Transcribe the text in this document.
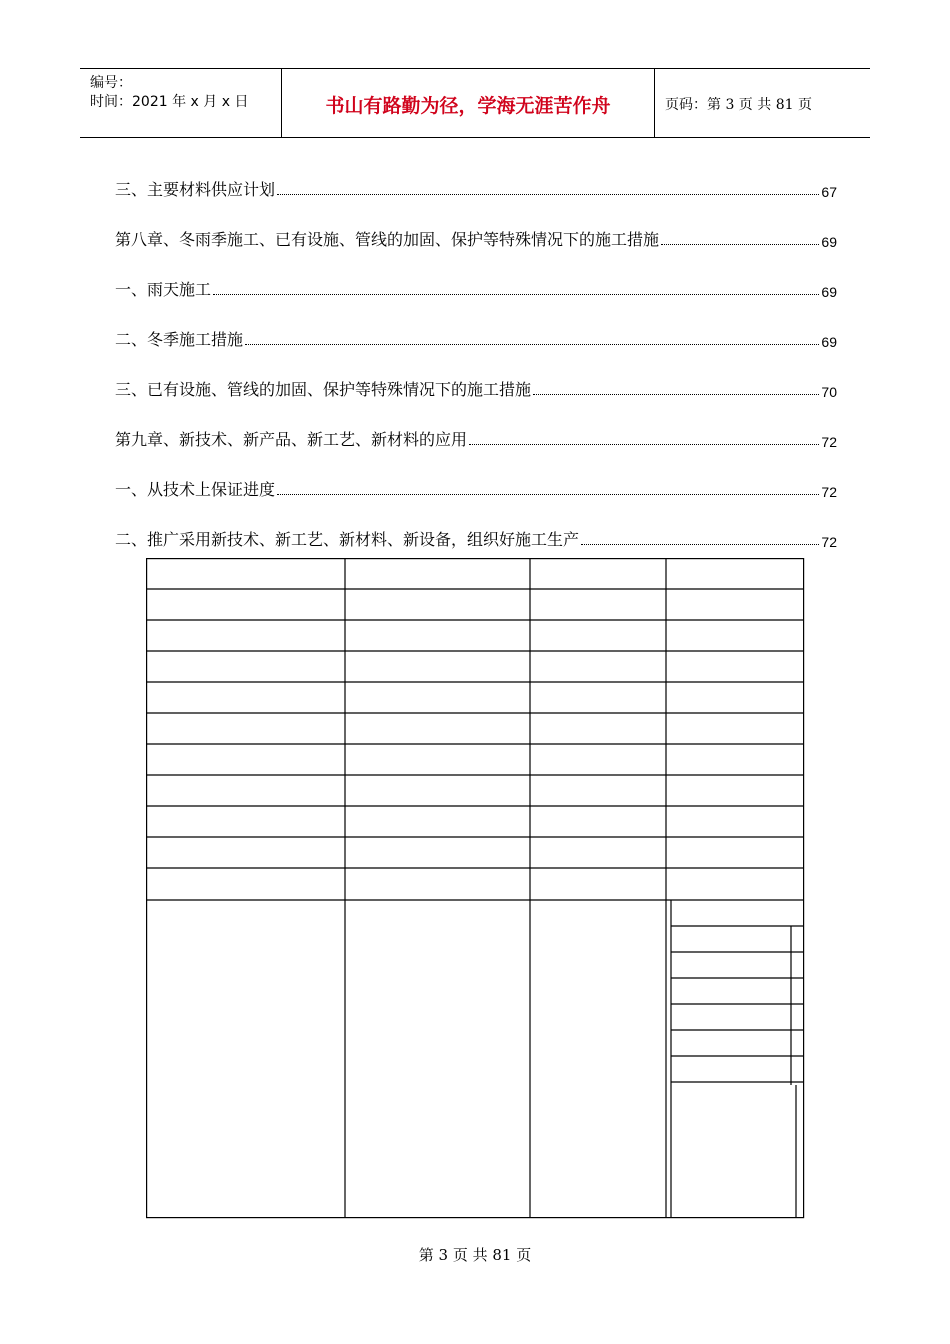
编号：
时间：2021 年 x 月 x 日	书山有路勤为径，学海无涯苦作舟	页码：第 3 页 共 81 页
三、主要材料供应计划	67
第八章、冬雨季施工、已有设施、管线的加固、保护等特殊情况下的施工措施	69
一、雨天施工	69
二、冬季施工措施	69
三、已有设施、管线的加固、保护等特殊情况下的施工措施	70
第九章、新技术、新产品、新工艺、新材料的应用	72
一、从技术上保证进度	72
二、推广采用新技术、新工艺、新材料、新设备，组织好施工生产	72
第 3 页 共 81 页
